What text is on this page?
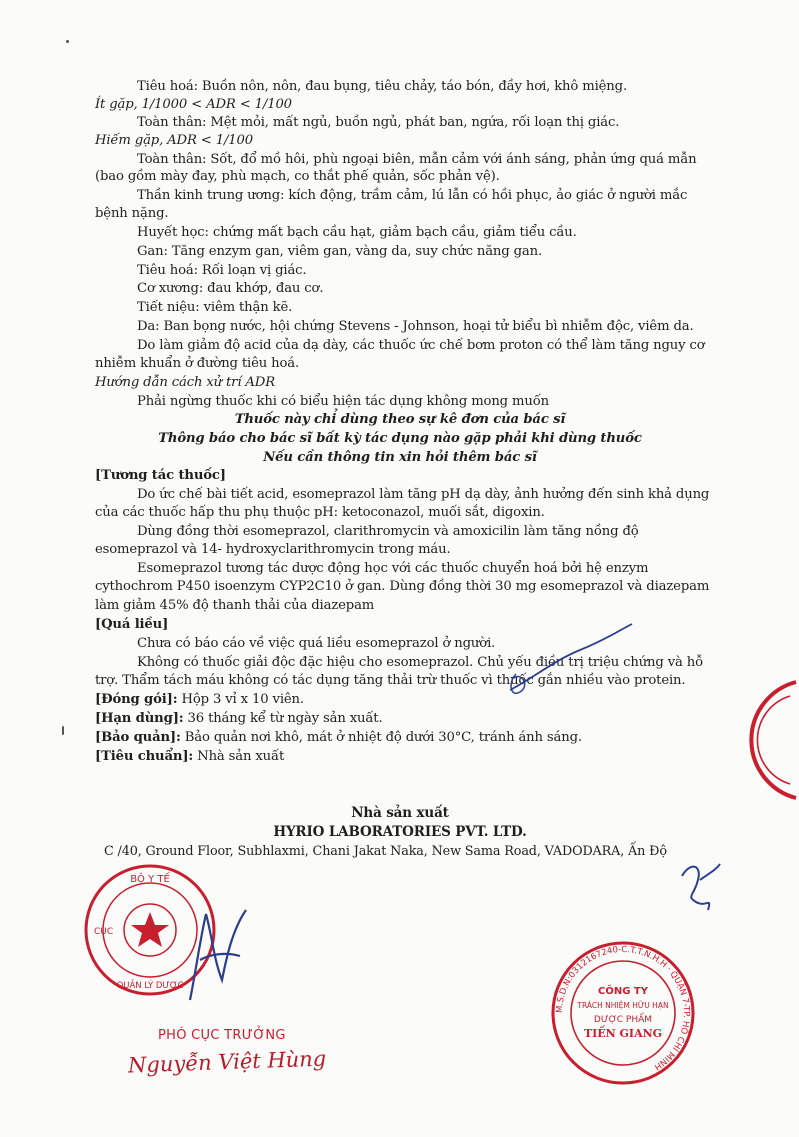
Tiêu hoá: Buồn nôn, nôn, đau bụng, tiêu chảy, táo bón, đầy hơi, khô miệng.
Ít gặp, 1/1000 < ADR < 1/100
Toàn thân: Mệt mỏi, mất ngủ, buồn ngủ, phát ban, ngứa, rối loạn thị giác.
Hiếm gặp, ADR < 1/100
Toàn thân: Sốt, đổ mồ hôi, phù ngoại biên, mẫn cảm với ánh sáng, phản ứng quá mẫn
(bao gồm mày đay, phù mạch, co thắt phế quản, sốc phản vệ).
Thần kinh trung ương: kích động, trầm cảm, lú lẫn có hồi phục, ảo giác ở người mắc
bệnh nặng.
Huyết học: chứng mất bạch cầu hạt, giảm bạch cầu, giảm tiểu cầu.
Gan: Tăng enzym gan, viêm gan, vàng da, suy chức năng gan.
Tiêu hoá: Rối loạn vị giác.
Cơ xương: đau khớp, đau cơ.
Tiết niệu: viêm thận kẽ.
Da: Ban bọng nước, hội chứng Stevens - Johnson, hoại tử biểu bì nhiễm độc, viêm da.
Do làm giảm độ acid của dạ dày, các thuốc ức chế bơm proton có thể làm tăng nguy cơ
nhiễm khuẩn ở đường tiêu hoá.
Hướng dẫn cách xử trí ADR
Phải ngừng thuốc khi có biểu hiện tác dụng không mong muốn
Thuốc này chỉ dùng theo sự kê đơn của bác sĩ
Thông báo cho bác sĩ bất kỳ tác dụng nào gặp phải khi dùng thuốc
Nếu cần thông tin xin hỏi thêm bác sĩ
[Tương tác thuốc]
Do ức chế bài tiết acid, esomeprazol làm tăng pH dạ dày, ảnh hưởng đến sinh khả dụng
của các thuốc hấp thu phụ thuộc pH: ketoconazol, muối sắt, digoxin.
Dùng đồng thời esomeprazol, clarithromycin và amoxicilin làm tăng nồng độ
esomeprazol và 14- hydroxyclarithromycin trong máu.
Esomeprazol tương tác dược động học với các thuốc chuyển hoá bởi hệ enzym
cythochrom P450 isoenzym CYP2C10 ở gan. Dùng đồng thời 30 mg esomeprazol và diazepam
làm giảm 45% độ thanh thải của diazepam
[Quá liều]
Chưa có báo cáo về việc quá liều esomeprazol ở người.
Không có thuốc giải độc đặc hiệu cho esomeprazol. Chủ yếu điều trị triệu chứng và hỗ
trợ. Thẩm tách máu không có tác dụng tăng thải trừ thuốc vì thuốc gắn nhiều vào protein.
[Đóng gói]: Hộp 3 vỉ x 10 viên.
[Hạn dùng]: 36 tháng kể từ ngày sản xuất.
[Bảo quản]: Bảo quản nơi khô, mát ở nhiệt độ dưới 30°C, tránh ánh sáng.
[Tiêu chuẩn]: Nhà sản xuất
Nhà sản xuất
HYRIO LABORATORIES PVT. LTD.
C /40, Ground Floor, Subhlaxmi, Chani Jakat Naka, New Sama Road, VADODARA, Ấn Độ
BỘ Y TẾ
CỤC
QUẢN LÝ DƯỢC
PHÓ CỤC TRƯỞNG
Nguyễn Việt Hùng
M.S.D.N:0312167240-C.T.T.N.H.H · QUẬN 7-TP. HỒ CHÍ MINH
CÔNG TY
TRÁCH NHIỆM HỮU HẠN
DƯỢC PHẨM
TIẾN GIANG
